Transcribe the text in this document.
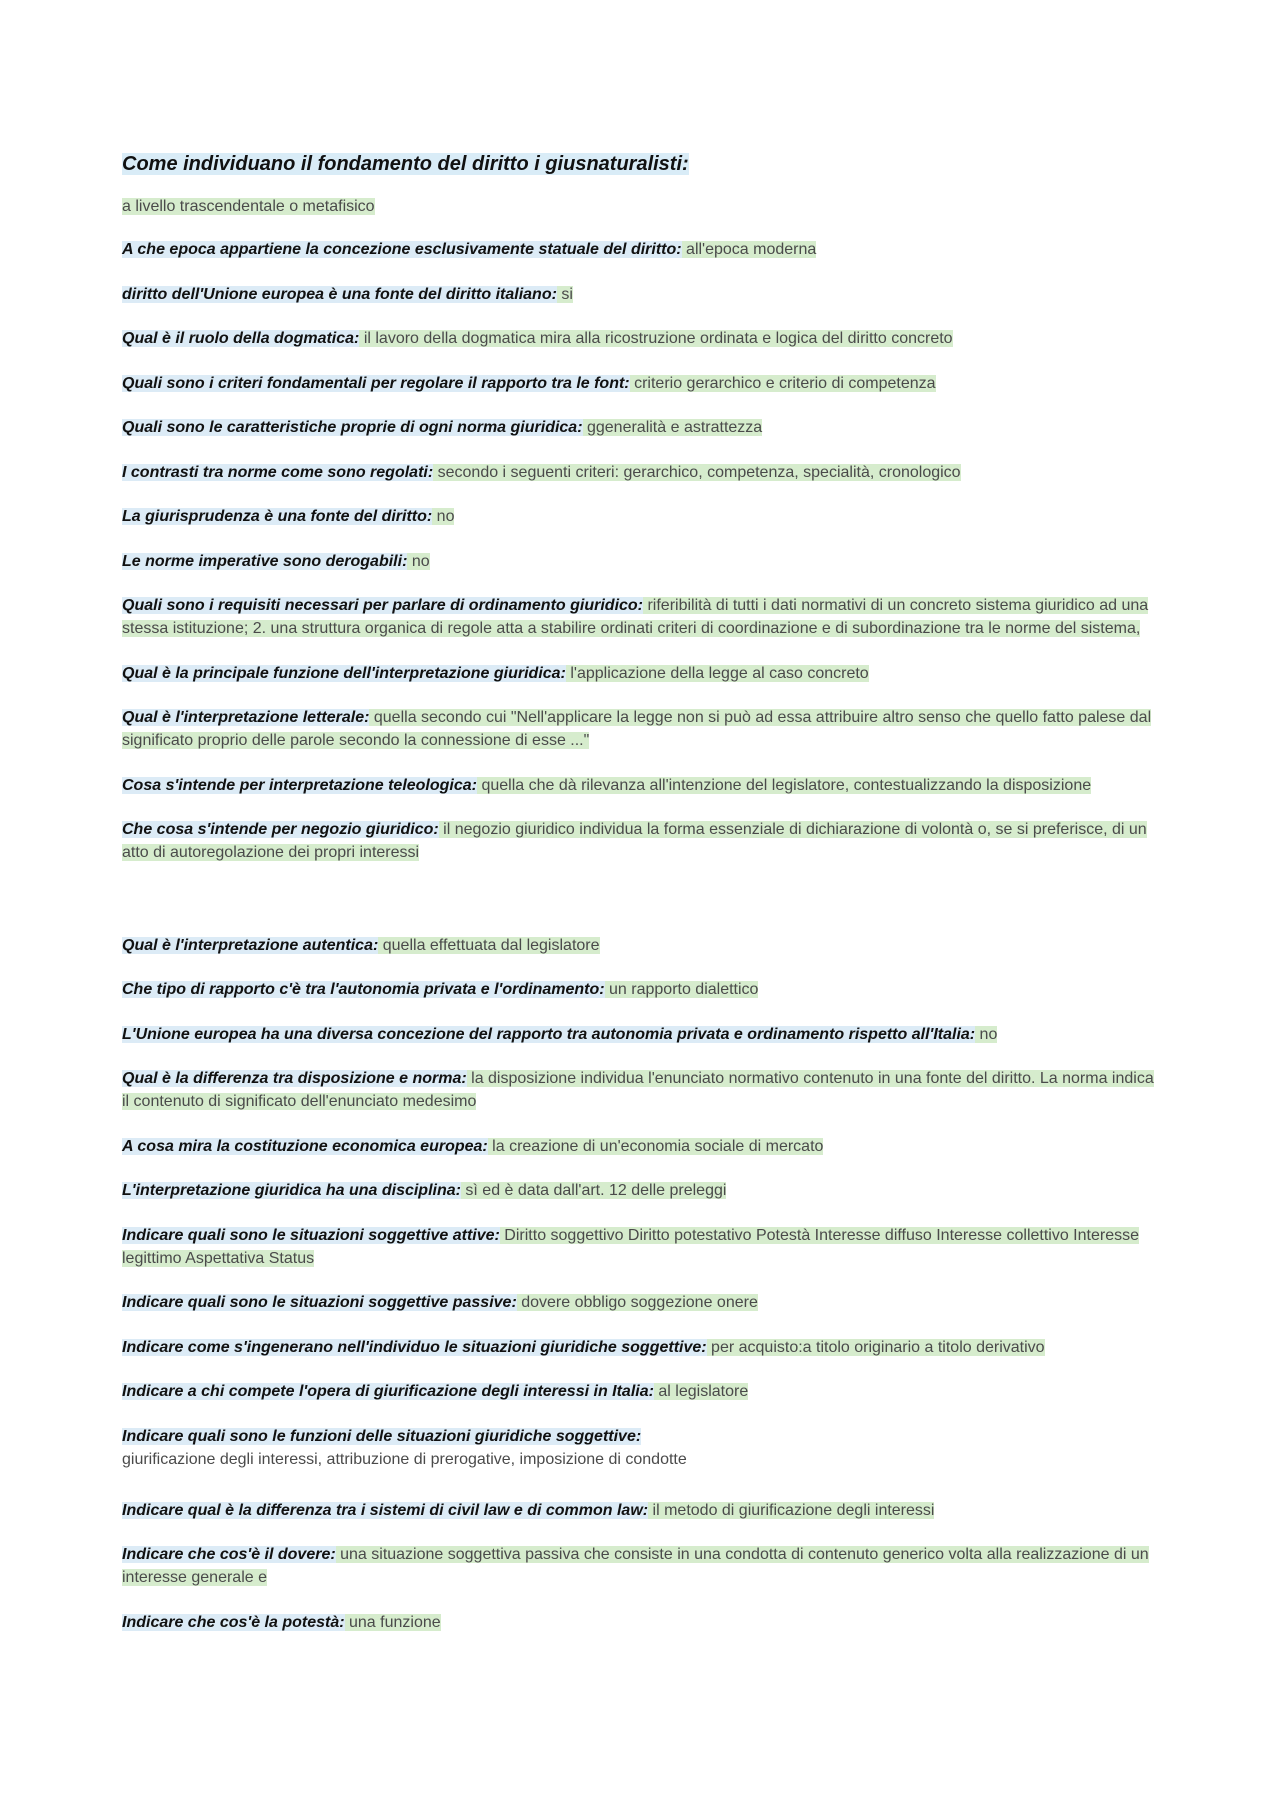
Come individuano il fondamento del diritto i giusnaturalisti:
a livello trascendentale o metafisico
A che epoca appartiene la concezione esclusivamente statuale del diritto: all'epoca moderna
diritto dell'Unione europea è una fonte del diritto italiano: si
Qual è il ruolo della dogmatica: il lavoro della dogmatica mira alla ricostruzione ordinata e logica del diritto concreto
Quali sono i criteri fondamentali per regolare il rapporto tra le font: criterio gerarchico e criterio di competenza
Quali sono le caratteristiche proprie di ogni norma giuridica: ggeneralità e astrattezza
I contrasti tra norme come sono regolati: secondo i seguenti criteri: gerarchico, competenza, specialità, cronologico
La giurisprudenza è una fonte del diritto: no
Le norme imperative sono derogabili: no
Quali sono i requisiti necessari per parlare di ordinamento giuridico: riferibilità di tutti i dati normativi di un concreto sistema giuridico ad una stessa istituzione; 2. una struttura organica di regole atta a stabilire ordinati criteri di coordinazione e di subordinazione tra le norme del sistema,
Qual è la principale funzione dell'interpretazione giuridica: l'applicazione della legge al caso concreto
Qual è l'interpretazione letterale: quella secondo cui "Nell'applicare la legge non si può ad essa attribuire altro senso che quello fatto palese dal significato proprio delle parole secondo la connessione di esse ..."
Cosa s'intende per interpretazione teleologica: quella che dà rilevanza all'intenzione del legislatore, contestualizzando la disposizione
Che cosa s'intende per negozio giuridico: il negozio giuridico individua la forma essenziale di dichiarazione di volontà o, se si preferisce, di un atto di autoregolazione dei propri interessi
Qual è l'interpretazione autentica: quella effettuata dal legislatore
Che tipo di rapporto c'è tra l'autonomia privata e l'ordinamento: un rapporto dialettico
L'Unione europea ha una diversa concezione del rapporto tra autonomia privata e ordinamento rispetto all'Italia: no
Qual è la differenza tra disposizione e norma: la disposizione individua l'enunciato normativo contenuto in una fonte del diritto. La norma indica il contenuto di significato dell'enunciato medesimo
A cosa mira la costituzione economica europea: la creazione di un'economia sociale di mercato
L'interpretazione giuridica ha una disciplina: sì ed è data dall'art. 12 delle preleggi
Indicare quali sono le situazioni soggettive attive: Diritto soggettivo Diritto potestativo Potestà Interesse diffuso Interesse collettivo Interesse legittimo Aspettativa Status
Indicare quali sono le situazioni soggettive passive: dovere obbligo soggezione onere
Indicare come s'ingenerano nell'individuo le situazioni giuridiche soggettive: per acquisto:a titolo originario a titolo derivativo
Indicare a chi compete l'opera di giurificazione degli interessi in Italia: al legislatore
Indicare quali sono le funzioni delle situazioni giuridiche soggettive:
giurificazione degli interessi, attribuzione di prerogative, imposizione di condotte
Indicare qual è la differenza tra i sistemi di civil law e di common law: il metodo di giurificazione degli interessi
Indicare che cos'è il dovere: una situazione soggettiva passiva che consiste in una condotta di contenuto generico volta alla realizzazione di un interesse generale e
Indicare che cos'è la potestà: una funzione
